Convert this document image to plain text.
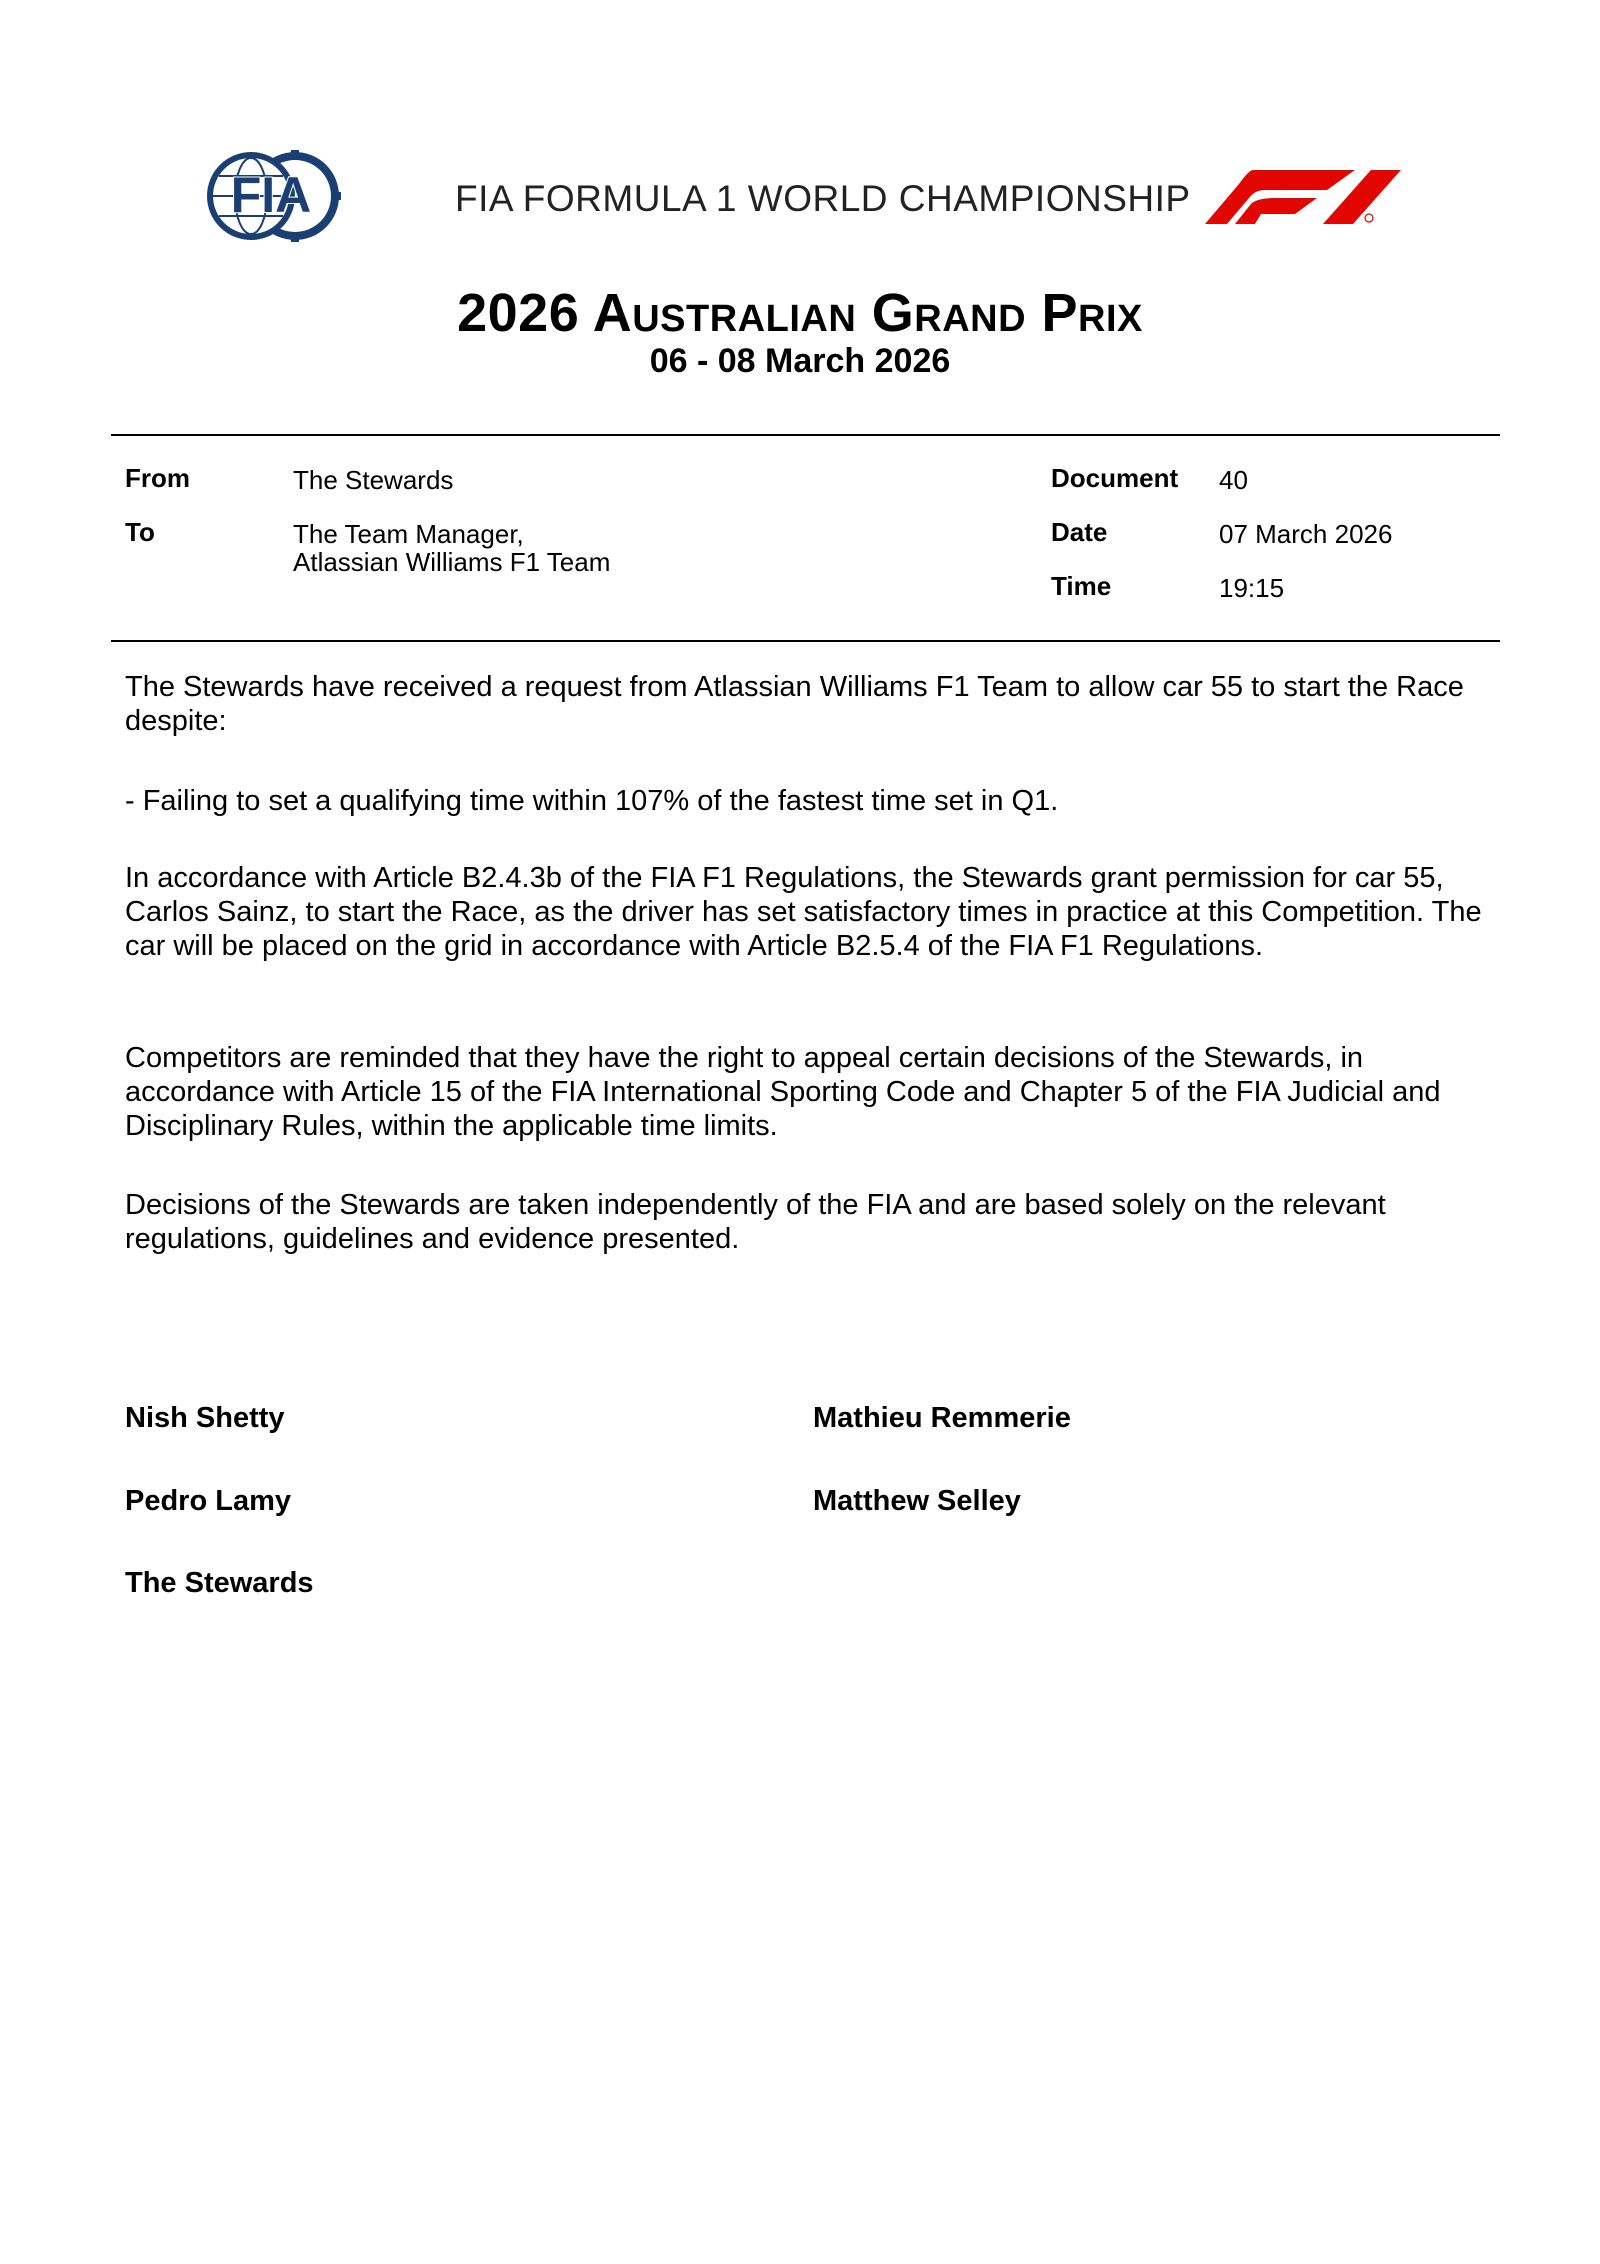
FIA	FIA FORMULA 1 WORLD CHAMPIONSHIP
2026 Australian Grand Prix
06 - 08 March 2026
From	The Stewards
To	The Team Manager,
Atlassian Williams F1 Team
Document 40
Date	07 March 2026
Time	19:15

The Stewards have received a request from Atlassian Williams F1 Team to allow car 55 to start the Race despite:

- Failing to set a qualifying time within 107% of the fastest time set in Q1.

In accordance with Article B2.4.3b of the FIA F1 Regulations, the Stewards grant permission for car 55, Carlos Sainz, to start the Race, as the driver has set satisfactory times in practice at this Competition. The car will be placed on the grid in accordance with Article B2.5.4 of the FIA F1 Regulations.

Competitors are reminded that they have the right to appeal certain decisions of the Stewards, in accordance with Article 15 of the FIA International Sporting Code and Chapter 5 of the FIA Judicial and Disciplinary Rules, within the applicable time limits.

Decisions of the Stewards are taken independently of the FIA and are based solely on the relevant regulations, guidelines and evidence presented.

Nish Shetty	Mathieu Remmerie
Pedro Lamy	Matthew Selley
The Stewards
